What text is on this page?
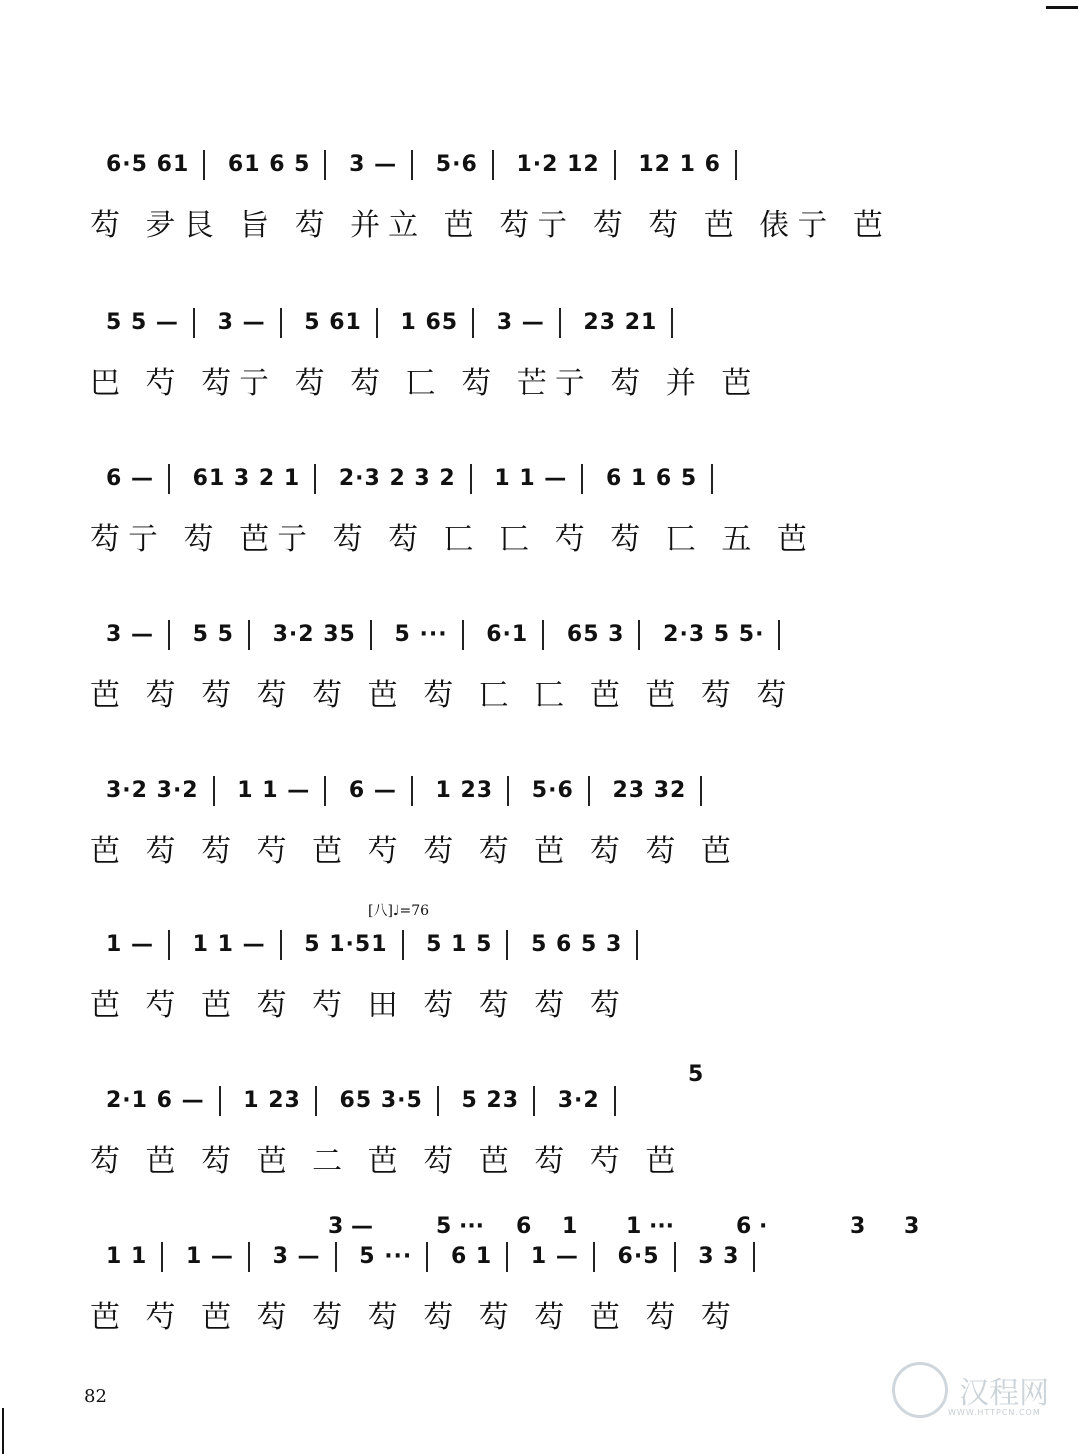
6·5 61 61 6 5 3 — 5·6 1·2 12 12 1 6
芶 夛艮 旨 芶 并立 芭 芶亍 芶 芶 芭 俵亍 芭
5 5 — 3 — 5 61 1 65 3 — 23 21
巴 芍 芶亍 芶 芶 匸 芶 芒亍 芶 并 芭
6 — 61 3 2 1 2·3 2 3 2 1 1 — 6 1 6 5
芶亍 芶 芭亍 芶 芶 匸 匸 芍 芶 匸 五 芭
3 — 5 5 3·2 35 5 ··· 6·1 65 3 2·3 5 5·
芭 芶 芶 芶 芶 芭 芶 匸 匸 芭 芭 芶 芶
3·2 3·2 1 1 — 6 — 1 23 5·6 23 32
芭 芶 芶 芍 芭 芍 芶 芶 芭 芶 芶 芭
[八]♩=76
1 — 1 1 — 5 1·51 5 1 5 5 6 5 3
芭 芍 芭 芶 芍 田 芶 芶 芶 芶
5
2·1 6 — 1 23 65 3·5 5 23 3·2
芶 芭 芶 芭 二 芭 芶 芭 芶 芍 芭
3 —	5 ··· 6 1 1 ···	6 ·	3 3
1 1 1 — 3 — 5 ··· 6 1 1 — 6·5 3 3
芭 芍 芭 芶 芶 芶 芶 芶 芶 芭 芶 芶
82	汉程网
WWW.HTTPCN.COM
